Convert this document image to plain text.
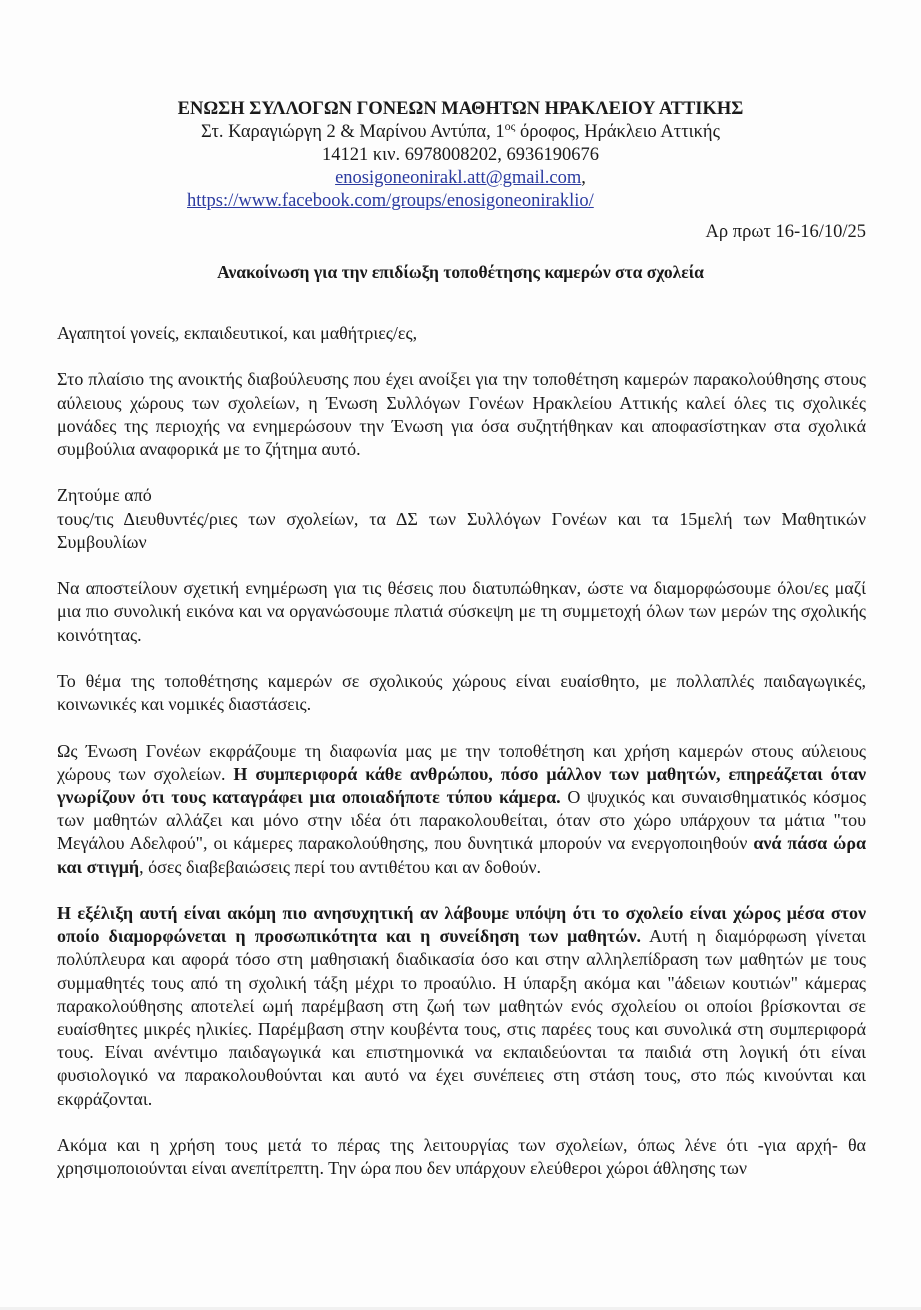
ΕΝΩΣΗ ΣΥΛΛΟΓΩΝ ΓΟΝΕΩΝ ΜΑΘΗΤΩΝ ΗΡΑΚΛΕΙΟΥ ΑΤΤΙΚΗΣ
Στ. Καραγιώργη 2 & Μαρίνου Αντύπα, $1^{o\varsigma}$ όροφος, Ηράκλειο Αττικής
14121 κιν. 6978008202, 6936190676
enosigoneonirakl.att@gmail.com,
https://www.facebook.com/groups/enosigoneoniraklio/
Αρ πρωτ 16-16/10/25
Ανακοίνωση για την επιδίωξη τοποθέτησης καμερών στα σχολεία

Αγαπητοί γονείς, εκπαιδευτικοί, και μαθήτριες/ες,

Στο πλαίσιο της ανοικτής διαβούλευσης που έχει ανοίξει για την τοποθέτηση καμερών παρακολούθησης στους αύλειους χώρους των σχολείων, η Ένωση Συλλόγων Γονέων Ηρακλείου Αττικής καλεί όλες τις σχολικές μονάδες της περιοχής να ενημερώσουν την Ένωση για όσα συζητήθηκαν και αποφασίστηκαν στα σχολικά συμβούλια αναφορικά με το ζήτημα αυτό.

Ζητούμε από
τους/τις Διευθυντές/ριες των σχολείων, τα ΔΣ των Συλλόγων Γονέων και τα 15μελή των Μαθητικών Συμβουλίων

Να αποστείλουν σχετική ενημέρωση για τις θέσεις που διατυπώθηκαν, ώστε να διαμορφώσουμε όλοι/ες μαζί μια πιο συνολική εικόνα και να οργανώσουμε πλατιά σύσκεψη με τη συμμετοχή όλων των μερών της σχολικής κοινότητας.

Το θέμα της τοποθέτησης καμερών σε σχολικούς χώρους είναι ευαίσθητο, με πολλαπλές παιδαγωγικές, κοινωνικές και νομικές διαστάσεις.

Ως Ένωση Γονέων εκφράζουμε τη διαφωνία μας με την τοποθέτηση και χρήση καμερών στους αύλειους χώρους των σχολείων. Η συμπεριφορά κάθε ανθρώπου, πόσο μάλλον των μαθητών, επηρεάζεται όταν γνωρίζουν ότι τους καταγράφει μια οποιαδήποτε τύπου κάμερα. Ο ψυχικός και συναισθηματικός κόσμος των μαθητών αλλάζει και μόνο στην ιδέα ότι παρακολουθείται, όταν στο χώρο υπάρχουν τα μάτια "του Μεγάλου Αδελφού", οι κάμερες παρακολούθησης, που δυνητικά μπορούν να ενεργοποιηθούν ανά πάσα ώρα και στιγμή, όσες διαβεβαιώσεις περί του αντιθέτου και αν δοθούν.

Η εξέλιξη αυτή είναι ακόμη πιο ανησυχητική αν λάβουμε υπόψη ότι το σχολείο είναι χώρος μέσα στον οποίο διαμορφώνεται η προσωπικότητα και η συνείδηση των μαθητών. Αυτή η διαμόρφωση γίνεται πολύπλευρα και αφορά τόσο στη μαθησιακή διαδικασία όσο και στην αλληλεπίδραση των μαθητών με τους συμμαθητές τους από τη σχολική τάξη μέχρι το προαύλιο. Η ύπαρξη ακόμα και "άδειων κουτιών" κάμερας παρακολούθησης αποτελεί ωμή παρέμβαση στη ζωή των μαθητών ενός σχολείου οι οποίοι βρίσκονται σε ευαίσθητες μικρές ηλικίες. Παρέμβαση στην κουβέντα τους, στις παρέες τους και συνολικά στη συμπεριφορά τους. Είναι ανέντιμο παιδαγωγικά και επιστημονικά να εκπαιδεύονται τα παιδιά στη λογική ότι είναι φυσιολογικό να παρακολουθούνται και αυτό να έχει συνέπειες στη στάση τους, στο πώς κινούνται και εκφράζονται.

Ακόμα και η χρήση τους μετά το πέρας της λειτουργίας των σχολείων, όπως λένε ότι -για αρχή- θα χρησιμοποιούνται είναι ανεπίτρεπτη. Την ώρα που δεν υπάρχουν ελεύθεροι χώροι άθλησης των
